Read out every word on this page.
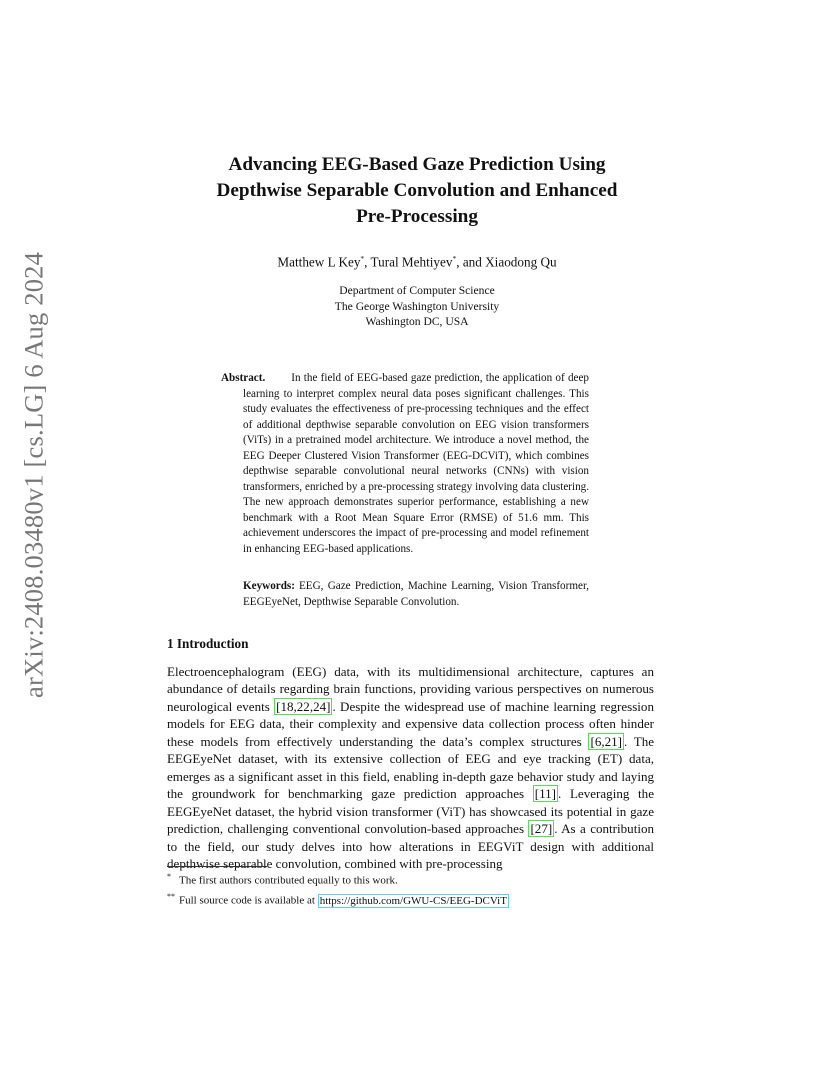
arXiv:2408.03480v1 [cs.LG] 6 Aug 2024
Advancing EEG-Based Gaze Prediction Using
Depthwise Separable Convolution and Enhanced
Pre-Processing
Matthew L Key*, Tural Mehtiyev*, and Xiaodong Qu
Department of Computer Science
The George Washington University
Washington DC, USA
Abstract. In the field of EEG-based gaze prediction, the application of deep learning to interpret complex neural data poses significant challenges. This study evaluates the effectiveness of pre-processing techniques and the effect of additional depthwise separable convolution on EEG vision transformers (ViTs) in a pretrained model architecture. We introduce a novel method, the EEG Deeper Clustered Vision Transformer (EEG-DCViT), which combines depthwise separable convolutional neural networks (CNNs) with vision transformers, enriched by a pre-processing strategy involving data clustering. The new approach demonstrates superior performance, establishing a new benchmark with a Root Mean Square Error (RMSE) of 51.6 mm. This achievement underscores the impact of pre-processing and model refinement in enhancing EEG-based applications.
Keywords: EEG, Gaze Prediction, Machine Learning, Vision Transformer, EEGEyeNet, Depthwise Separable Convolution.
1 Introduction
Electroencephalogram (EEG) data, with its multidimensional architecture, captures an abundance of details regarding brain functions, providing various perspectives on numerous neurological events [18,22,24] . Despite the widespread use of machine learning regression models for EEG data, their complexity and expensive data collection process often hinder these models from effectively understanding the data’s complex structures [6,21] . The EEGEyeNet dataset, with its extensive collection of EEG and eye tracking (ET) data, emerges as a significant asset in this field, enabling in-depth gaze behavior study and laying the groundwork for benchmarking gaze prediction approaches [11] . Leveraging the EEGEyeNet dataset, the hybrid vision transformer (ViT) has showcased its potential in gaze prediction, challenging conventional convolution-based approaches [27] . As a contribution to the field, our study delves into how alterations in EEGViT design with additional depthwise separable convolution, combined with pre-processing
* The first authors contributed equally to this work.
** Full source code is available at https://github.com/GWU-CS/EEG-DCViT
